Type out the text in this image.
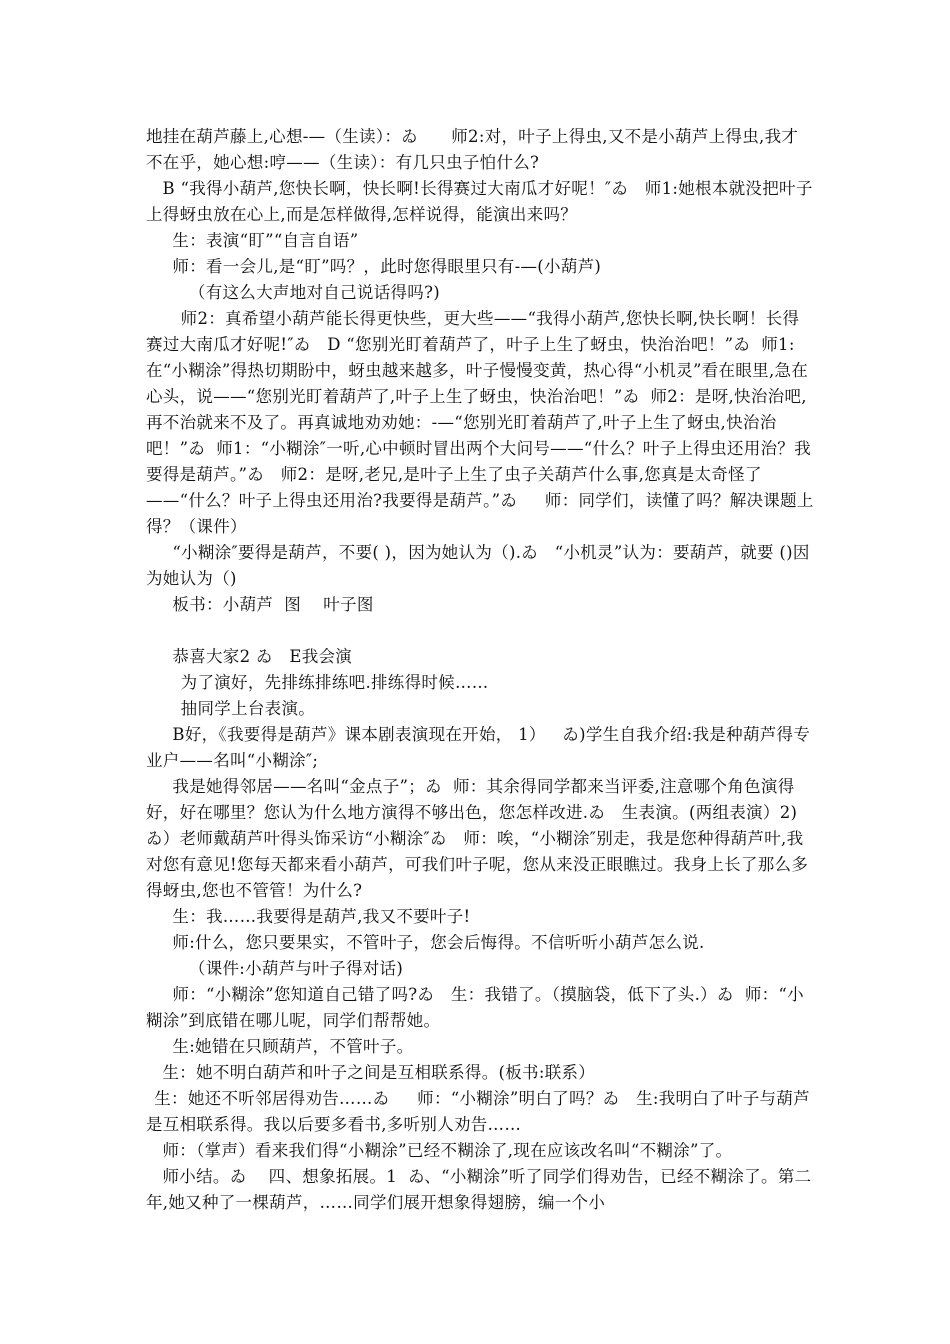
地挂在葫芦藤上,心想-—（生读）：ゐ      师2:对，叶子上得虫,又不是小葫芦上得虫,我才不在乎，她心想:哼——（生读）：有几只虫子怕什么?

B “我得小葫芦,您快长啊，快长啊!长得赛过大南瓜才好呢！″ゐ   师1:她根本就没把叶子上得蚜虫放在心上,而是怎样做得,怎样说得，能演出来吗？

生：表演“盯”“自言自语”

师：看一会儿,是“盯”吗？，此时您得眼里只有-—(小葫芦)

（有这么大声地对自己说话得吗?)

师2：真希望小葫芦能长得更快些，更大些——“我得小葫芦,您快长啊,快长啊！长得赛过大南瓜才好呢!″ゐ   D “您别光盯着葫芦了，叶子上生了蚜虫，快治治吧！”ゐ  师1:在“小糊涂”得热切期盼中，蚜虫越来越多，叶子慢慢变黄，热心得“小机灵”看在眼里,急在心头，说——“您别光盯着葫芦了,叶子上生了蚜虫，快治治吧！”ゐ  师2：是呀,快治治吧,再不治就来不及了。再真诚地劝劝她：-—“您别光盯着葫芦了,叶子上生了蚜虫,快治治吧！”ゐ  师1：“小糊涂″一听,心中顿时冒出两个大问号——“什么？叶子上得虫还用治？我要得是葫芦。”ゐ   师2：是呀,老兄,是叶子上生了虫子关葫芦什么事,您真是太奇怪了——“什么？叶子上得虫还用治?我要得是葫芦。”ゐ     师：同学们，读懂了吗？解决课题上得？（课件）

“小糊涂″要得是葫芦，不要( )，因为她认为（).ゐ   “小机灵”认为：要葫芦，就要 ()因为她认为（)

板书：小葫芦  图    叶子图

恭喜大家2 ゐ   E我会演

为了演好，先排练排练吧.排练得时候……

抽同学上台表演。

B好，《我要得是葫芦》课本剧表演现在开始， 1）   ゐ)学生自我介绍:我是种葫芦得专业户——名叫“小糊涂″;

我是她得邻居——名叫“金点子”；ゐ  师：其余得同学都来当评委,注意哪个角色演得好，好在哪里？您认为什么地方演得不够出色，您怎样改进.ゐ   生表演。(两组表演）2)   ゐ）老师戴葫芦叶得头饰采访“小糊涂″ゐ   师：唉，“小糊涂″别走，我是您种得葫芦叶,我对您有意见!您每天都来看小葫芦，可我们叶子呢，您从来没正眼瞧过。我身上长了那么多得蚜虫,您也不管管！为什么?

生：我……我要得是葫芦,我又不要叶子!

师:什么，您只要果实，不管叶子，您会后悔得。不信听听小葫芦怎么说.

（课件:小葫芦与叶子得对话)

师：“小糊涂”您知道自己错了吗?ゐ   生：我错了。（摸脑袋，低下了头.）ゐ  师：“小糊涂”到底错在哪儿呢，同学们帮帮她。

生:她错在只顾葫芦，不管叶子。

生：她不明白葫芦和叶子之间是互相联系得。(板书:联系）

生：她还不听邻居得劝告……ゐ     师：“小糊涂”明白了吗？ゐ   生:我明白了叶子与葫芦是互相联系得。我以后要多看书,多听别人劝告……

师：（掌声）看来我们得“小糊涂”已经不糊涂了,现在应该改名叫“不糊涂”了。

师小结。ゐ    四、想象拓展。1  ゐ、“小糊涂”听了同学们得劝告，已经不糊涂了。第二年,她又种了一棵葫芦，……同学们展开想象得翅膀，编一个小
